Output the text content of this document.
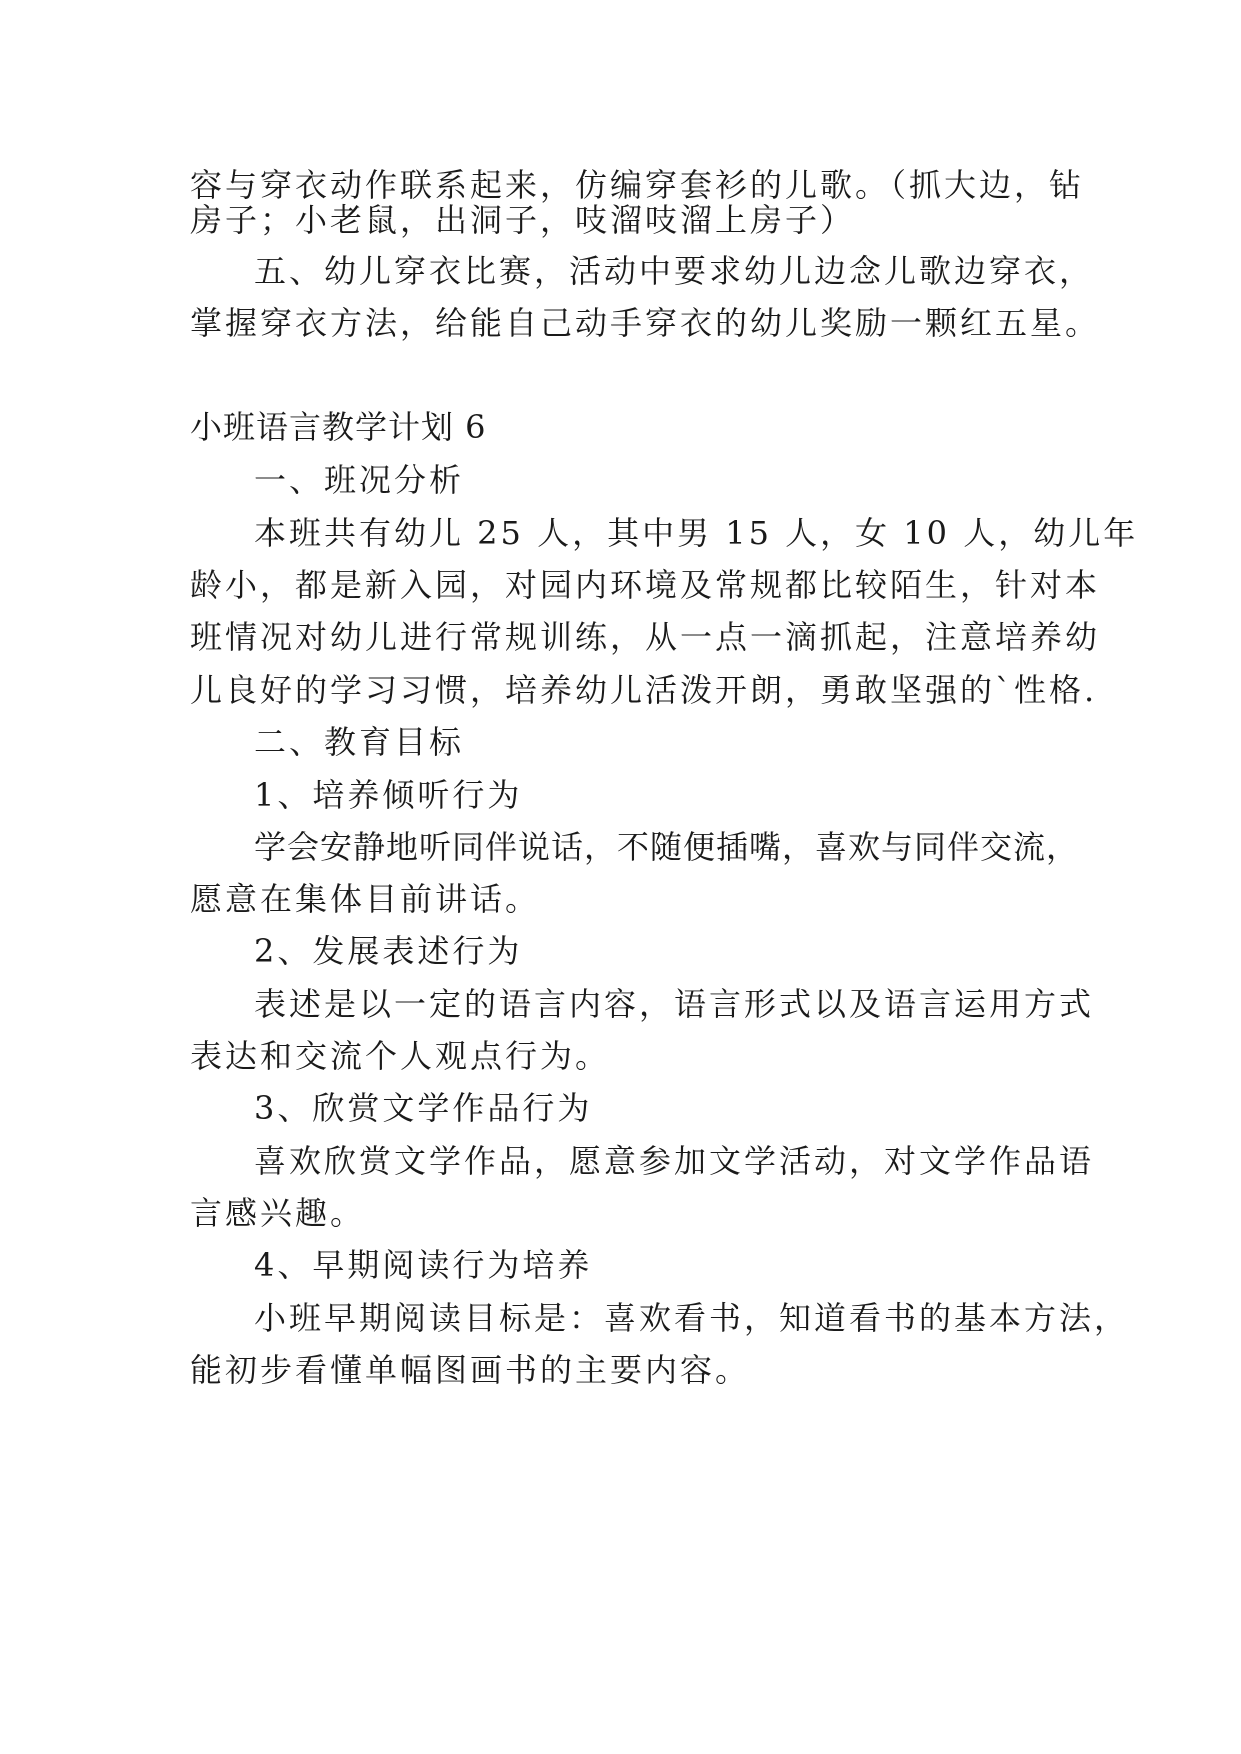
容与穿衣动作联系起来，仿编穿套衫的儿歌。（抓大边，钻
房子；小老鼠，出洞子，吱溜吱溜上房子）
五、幼儿穿衣比赛，活动中要求幼儿边念儿歌边穿衣，
掌握穿衣方法，给能自己动手穿衣的幼儿奖励一颗红五星。
小班语言教学计划 6
一、班况分析
本班共有幼儿 25 人，其中男 15 人，女 10 人，幼儿年
龄小，都是新入园，对园内环境及常规都比较陌生，针对本
班情况对幼儿进行常规训练，从一点一滴抓起，注意培养幼
儿良好的学习习惯，培养幼儿活泼开朗，勇敢坚强的`性格.
二、教育目标
1、培养倾听行为
学会安静地听同伴说话，不随便插嘴，喜欢与同伴交流，
愿意在集体目前讲话。
2、发展表述行为
表述是以一定的语言内容，语言形式以及语言运用方式
表达和交流个人观点行为。
3、欣赏文学作品行为
喜欢欣赏文学作品，愿意参加文学活动，对文学作品语
言感兴趣。
4、早期阅读行为培养
小班早期阅读目标是：喜欢看书，知道看书的基本方法，
能初步看懂单幅图画书的主要内容。
